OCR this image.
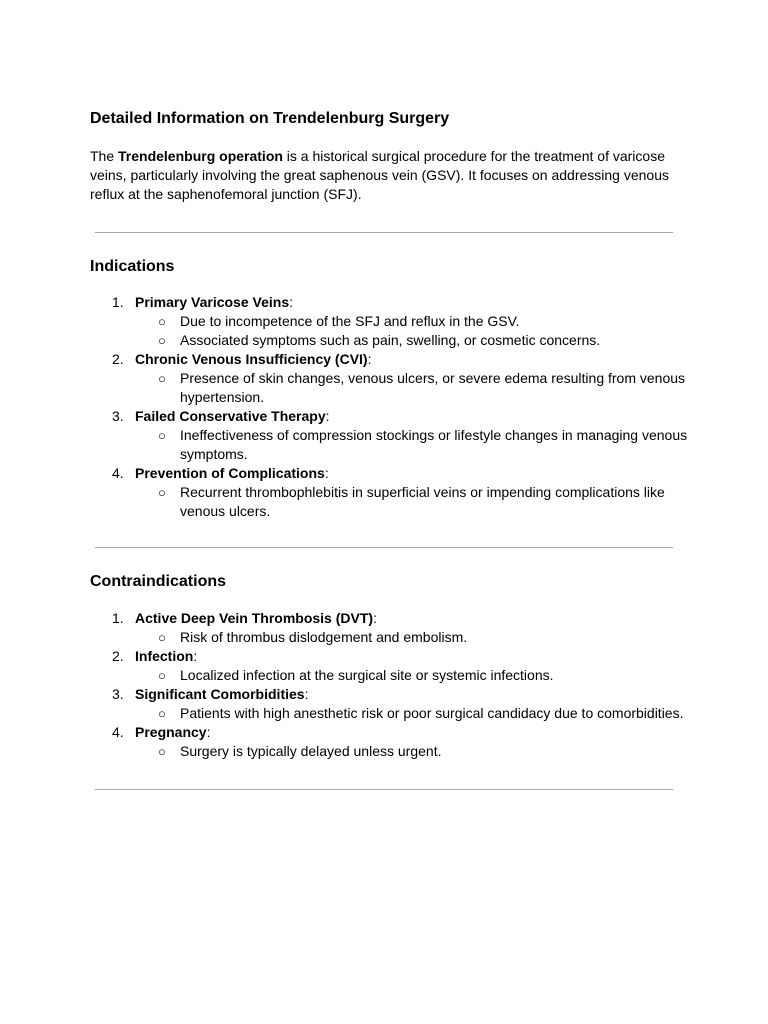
Detailed Information on Trendelenburg Surgery

The Trendelenburg operation is a historical surgical procedure for the treatment of varicose veins, particularly involving the great saphenous vein (GSV). It focuses on addressing venous reflux at the saphenofemoral junction (SFJ).

Indications
1. Primary Varicose Veins:
○ Due to incompetence of the SFJ and reflux in the GSV.
○ Associated symptoms such as pain, swelling, or cosmetic concerns.
2. Chronic Venous Insufficiency (CVI):
○ Presence of skin changes, venous ulcers, or severe edema resulting from venous hypertension.
3. Failed Conservative Therapy:
○ Ineffectiveness of compression stockings or lifestyle changes in managing venous symptoms.
4. Prevention of Complications:
○ Recurrent thrombophlebitis in superficial veins or impending complications like venous ulcers.
Contraindications
1. Active Deep Vein Thrombosis (DVT):
○ Risk of thrombus dislodgement and embolism.
2. Infection:
○ Localized infection at the surgical site or systemic infections.
3. Significant Comorbidities:
○ Patients with high anesthetic risk or poor surgical candidacy due to comorbidities.
4. Pregnancy:
○ Surgery is typically delayed unless urgent.
